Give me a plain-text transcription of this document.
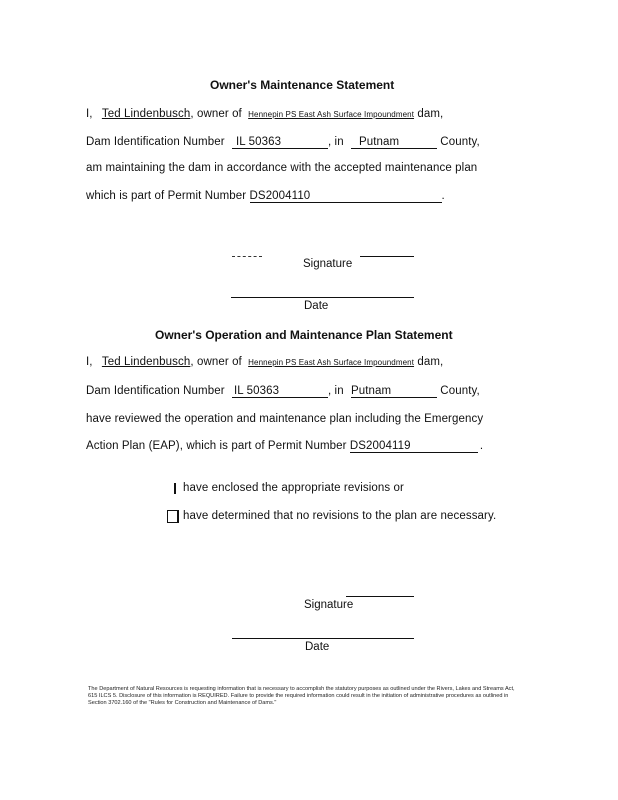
Owner's Maintenance Statement
I, Ted Lindenbusch, owner of Hennepin PS East Ash Surface Impoundment dam,
Dam Identification Number IL 50363	, in Putnam	County,
am maintaining the dam in accordance with the accepted maintenance plan
which is part of Permit Number DS2004110	.
Signature
Date
Owner's Operation and Maintenance Plan Statement
I, Ted Lindenbusch, owner of Hennepin PS East Ash Surface Impoundment dam,
Dam Identification Number IL 50363	, in Putnam	County,
have reviewed the operation and maintenance plan including the Emergency
Action Plan (EAP), which is part of Permit Number DS2004119	.
have enclosed the appropriate revisions or
have determined that no revisions to the plan are necessary.
Signature
Date
The Department of Natural Resources is requesting information that is necessary to accomplish the statutory purposes as outlined under the Rivers, Lakes and Streams Act, 615 ILCS 5. Disclosure of this information is REQUIRED. Failure to provide the required information could result in the initiation of administrative procedures as outlined in Section 3702.160 of the "Rules for Construction and Maintenance of Dams."
